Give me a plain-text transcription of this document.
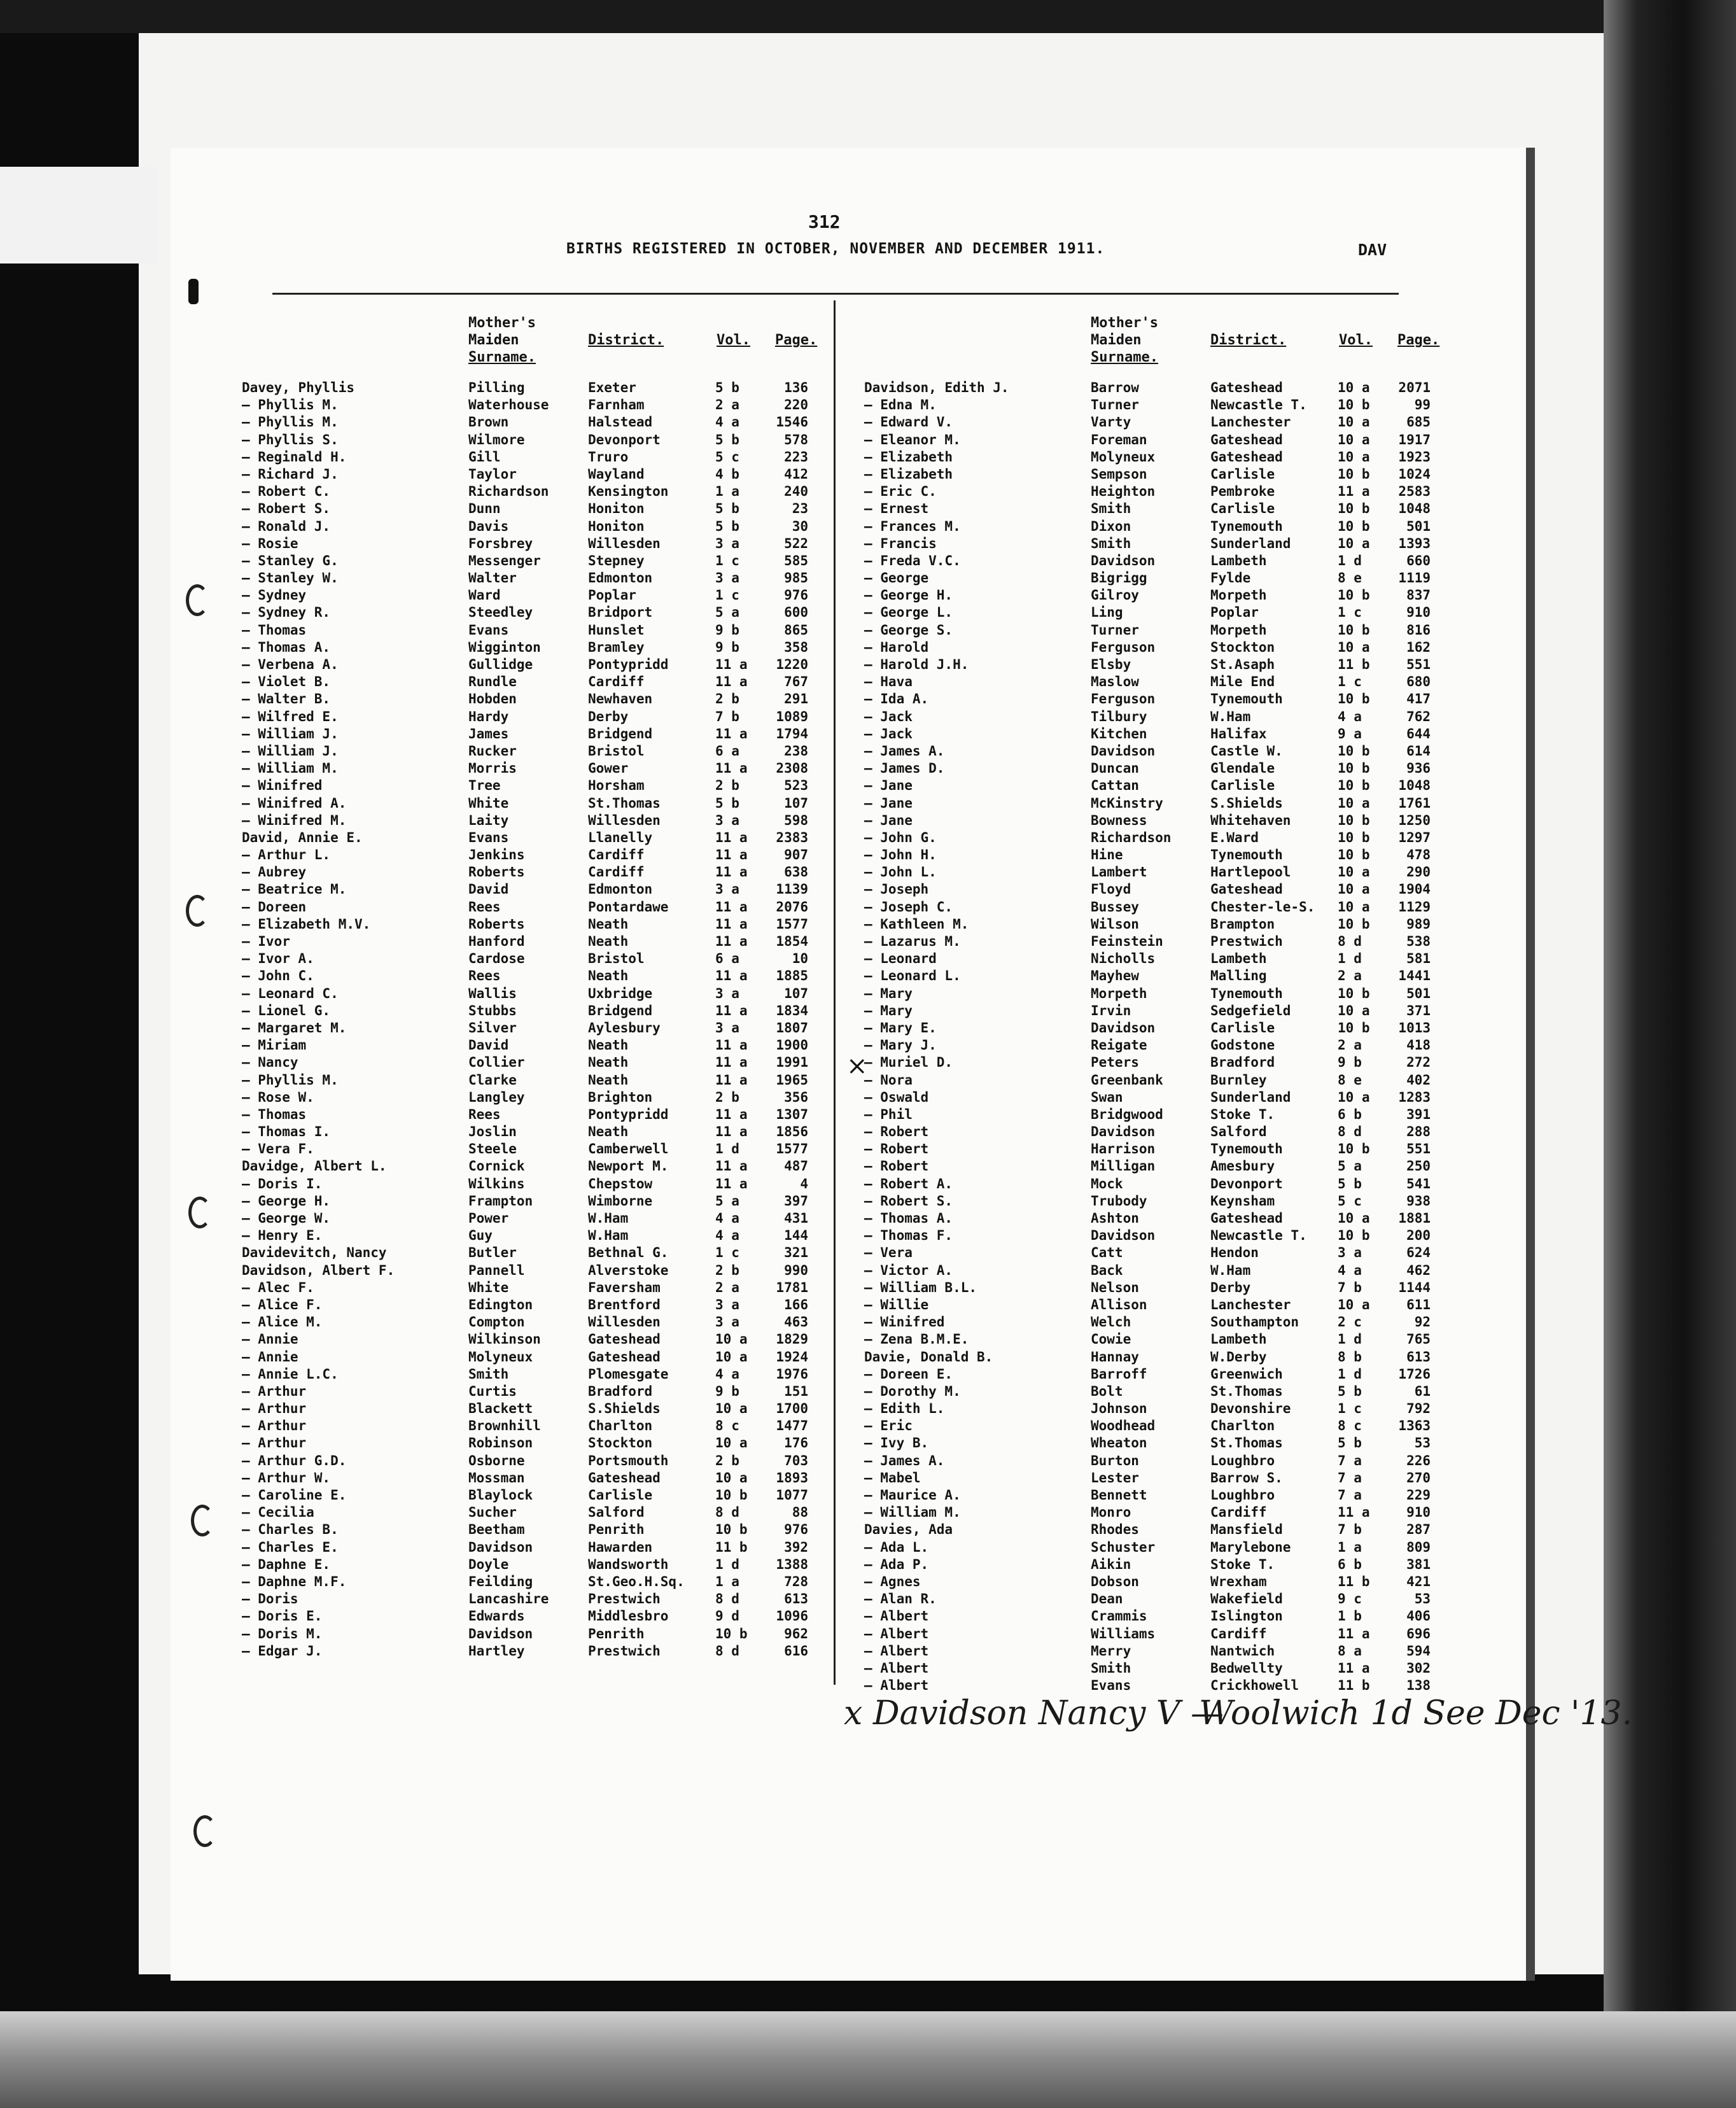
312
BIRTHS REGISTERED IN OCTOBER, NOVEMBER AND DECEMBER 1911.	DAV
Mother's
Maiden
Surname.
District.	Vol. Page.
Mother's
Maiden
Surname.
District.	Vol. Page.
Davey, Phyllis	Pilling	Exeter	5 b	136
— Phyllis M.	Waterhouse	Farnham	2 a	220
— Phyllis M.	Brown	Halstead	4 a	1546
— Phyllis S.	Wilmore	Devonport	5 b	578
— Reginald H.	Gill	Truro	5 c	223
— Richard J.	Taylor	Wayland	4 b	412
— Robert C.	Richardson	Kensington	1 a	240
— Robert S.	Dunn	Honiton	5 b	23
— Ronald J.	Davis	Honiton	5 b	30
— Rosie	Forsbrey	Willesden	3 a	522
— Stanley G.	Messenger	Stepney	1 c	585
— Stanley W.	Walter	Edmonton	3 a	985
— Sydney	Ward	Poplar	1 c	976
— Sydney R.	Steedley	Bridport	5 a	600
— Thomas	Evans	Hunslet	9 b	865
— Thomas A.	Wigginton	Bramley	9 b	358
— Verbena A.	Gullidge	Pontypridd	11 a	1220
— Violet B.	Rundle	Cardiff	11 a	767
— Walter B.	Hobden	Newhaven	2 b	291
— Wilfred E.	Hardy	Derby	7 b	1089
— William J.	James	Bridgend	11 a	1794
— William J.	Rucker	Bristol	6 a	238
— William M.	Morris	Gower	11 a	2308
— Winifred	Tree	Horsham	2 b	523
— Winifred A.	White	St.Thomas	5 b	107
— Winifred M.	Laity	Willesden	3 a	598
David, Annie E.	Evans	Llanelly	11 a	2383
— Arthur L.	Jenkins	Cardiff	11 a	907
— Aubrey	Roberts	Cardiff	11 a	638
— Beatrice M.	David	Edmonton	3 a	1139
— Doreen	Rees	Pontardawe	11 a	2076
— Elizabeth M.V.	Roberts	Neath	11 a	1577
— Ivor	Hanford	Neath	11 a	1854
— Ivor A.	Cardose	Bristol	6 a	10
— John C.	Rees	Neath	11 a	1885
— Leonard C.	Wallis	Uxbridge	3 a	107
— Lionel G.	Stubbs	Bridgend	11 a	1834
— Margaret M.	Silver	Aylesbury	3 a	1807
— Miriam	David	Neath	11 a	1900
— Nancy	Collier	Neath	11 a	1991
— Phyllis M.	Clarke	Neath	11 a	1965
— Rose W.	Langley	Brighton	2 b	356
— Thomas	Rees	Pontypridd	11 a	1307
— Thomas I.	Joslin	Neath	11 a	1856
— Vera F.	Steele	Camberwell	1 d	1577
Davidge, Albert L.	Cornick	Newport M.	11 a	487
— Doris I.	Wilkins	Chepstow	11 a	4
— George H.	Frampton	Wimborne	5 a	397
— George W.	Power	W.Ham	4 a	431
— Henry E.	Guy	W.Ham	4 a	144
Davidevitch, Nancy	Butler	Bethnal G.	1 c	321
Davidson, Albert F.	Pannell	Alverstoke	2 b	990
— Alec F.	White	Faversham	2 a	1781
— Alice F.	Edington	Brentford	3 a	166
— Alice M.	Compton	Willesden	3 a	463
— Annie	Wilkinson	Gateshead	10 a	1829
— Annie	Molyneux	Gateshead	10 a	1924
— Annie L.C.	Smith	Plomesgate	4 a	1976
— Arthur	Curtis	Bradford	9 b	151
— Arthur	Blackett	S.Shields	10 a	1700
— Arthur	Brownhill	Charlton	8 c	1477
— Arthur	Robinson	Stockton	10 a	176
— Arthur G.D.	Osborne	Portsmouth	2 b	703
— Arthur W.	Mossman	Gateshead	10 a	1893
— Caroline E.	Blaylock	Carlisle	10 b	1077
— Cecilia	Sucher	Salford	8 d	88
— Charles B.	Beetham	Penrith	10 b	976
— Charles E.	Davidson	Hawarden	11 b	392
— Daphne E.	Doyle	Wandsworth	1 d	1388
— Daphne M.F.	Feilding	St.Geo.H.Sq. 1 a	728
— Doris	Lancashire	Prestwich	8 d	613
— Doris E.	Edwards	Middlesbro	9 d	1096
— Doris M.	Davidson	Penrith	10 b	962
— Edgar J.	Hartley	Prestwich	8 d	616
Davidson, Edith J.	Barrow	Gateshead	10 a	2071
— Edna M.	Turner	Newcastle T. 10 b	99
— Edward V.	Varty	Lanchester	10 a	685
— Eleanor M.	Foreman	Gateshead	10 a	1917
— Elizabeth	Molyneux	Gateshead	10 a	1923
— Elizabeth	Sempson	Carlisle	10 b	1024
— Eric C.	Heighton	Pembroke	11 a	2583
— Ernest	Smith	Carlisle	10 b	1048
— Frances M.	Dixon	Tynemouth	10 b	501
— Francis	Smith	Sunderland	10 a	1393
— Freda V.C.	Davidson	Lambeth	1 d	660
— George	Bigrigg	Fylde	8 e	1119
— George H.	Gilroy	Morpeth	10 b	837
— George L.	Ling	Poplar	1 c	910
— George S.	Turner	Morpeth	10 b	816
— Harold	Ferguson	Stockton	10 a	162
— Harold J.H.	Elsby	St.Asaph	11 b	551
— Hava	Maslow	Mile End	1 c	680
— Ida A.	Ferguson	Tynemouth	10 b	417
— Jack	Tilbury	W.Ham	4 a	762
— Jack	Kitchen	Halifax	9 a	644
— James A.	Davidson	Castle W.	10 b	614
— James D.	Duncan	Glendale	10 b	936
— Jane	Cattan	Carlisle	10 b	1048
— Jane	McKinstry	S.Shields	10 a	1761
— Jane	Bowness	Whitehaven	10 b	1250
— John G.	Richardson	E.Ward	10 b	1297
— John H.	Hine	Tynemouth	10 b	478
— John L.	Lambert	Hartlepool	10 a	290
— Joseph	Floyd	Gateshead	10 a	1904
— Joseph C.	Bussey	Chester-le-S. 10 a	1129
— Kathleen M.	Wilson	Brampton	10 b	989
— Lazarus M.	Feinstein	Prestwich	8 d	538
— Leonard	Nicholls	Lambeth	1 d	581
— Leonard L.	Mayhew	Malling	2 a	1441
— Mary	Morpeth	Tynemouth	10 b	501
— Mary	Irvin	Sedgefield	10 a	371
— Mary E.	Davidson	Carlisle	10 b	1013
— Mary J.	Reigate	Godstone	2 a	418
— Muriel D.	Peters	Bradford	9 b	272
— Nora	Greenbank	Burnley	8 e	402
— Oswald	Swan	Sunderland	10 a	1283
— Phil	Bridgwood	Stoke T.	6 b	391
— Robert	Davidson	Salford	8 d	288
— Robert	Harrison	Tynemouth	10 b	551
— Robert	Milligan	Amesbury	5 a	250
— Robert A.	Mock	Devonport	5 b	541
— Robert S.	Trubody	Keynsham	5 c	938
— Thomas A.	Ashton	Gateshead	10 a	1881
— Thomas F.	Davidson	Newcastle T. 10 b	200
— Vera	Catt	Hendon	3 a	624
— Victor A.	Back	W.Ham	4 a	462
— William B.L.	Nelson	Derby	7 b	1144
— Willie	Allison	Lanchester	10 a	611
— Winifred	Welch	Southampton	2 c	92
— Zena B.M.E.	Cowie	Lambeth	1 d	765
Davie, Donald B.	Hannay	W.Derby	8 b	613
— Doreen E.	Barroff	Greenwich	1 d	1726
— Dorothy M.	Bolt	St.Thomas	5 b	61
— Edith L.	Johnson	Devonshire	1 c	792
— Eric	Woodhead	Charlton	8 c	1363
— Ivy B.	Wheaton	St.Thomas	5 b	53
— James A.	Burton	Loughbro	7 a	226
— Mabel	Lester	Barrow S.	7 a	270
— Maurice A.	Bennett	Loughbro	7 a	229
— William M.	Monro	Cardiff	11 a	910
Davies, Ada	Rhodes	Mansfield	7 b	287
— Ada L.	Schuster	Marylebone	1 a	809
— Ada P.	Aikin	Stoke T.	6 b	381
— Agnes	Dobson	Wrexham	11 b	421
— Alan R.	Dean	Wakefield	9 c	53
— Albert	Crammis	Islington	1 b	406
— Albert	Williams	Cardiff	11 a	696
— Albert	Merry	Nantwich	8 a	594
— Albert	Smith	Bedwellty	11 a	302
— Albert	Evans	Crickhowell	11 b	138
×
x Davidson Nancy V —
Woolwich 1d See Dec '13.
